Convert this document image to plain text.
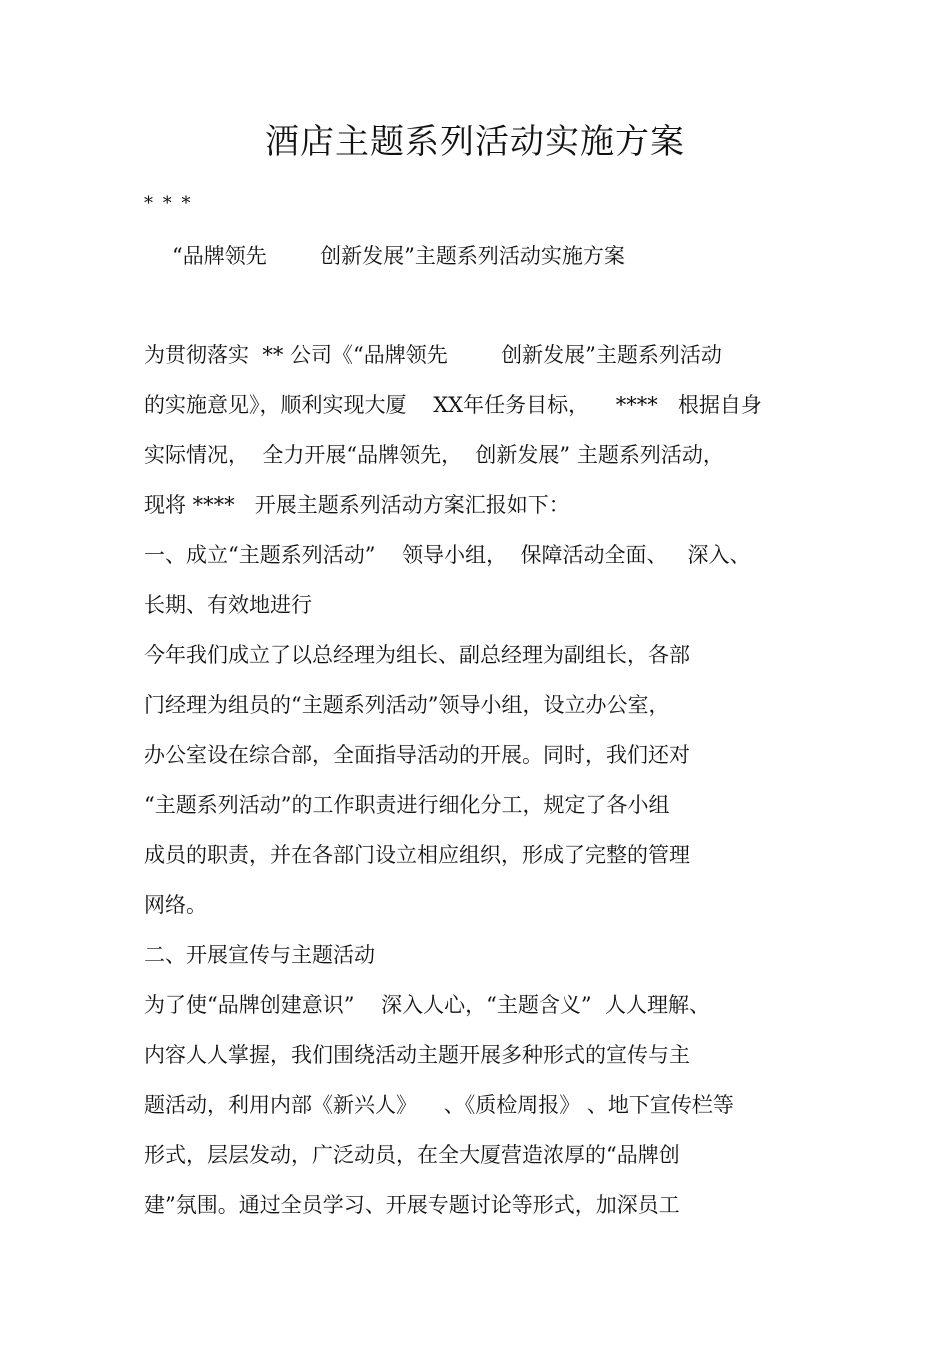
酒店主题系列活动实施方案
* * *
“品牌领先        创新发展”主题系列活动实施方案
为贯彻落实  ** 公司《“品牌领先        创新发展”主题系列活动
的实施意见》，顺利实现大厦    XX年任务目标，    ****   根据自身
实际情况，  全力开展“品牌领先，  创新发展” 主题系列活动，
现将 ****   开展主题系列活动方案汇报如下：
一、成立“主题系列活动”    领导小组，  保障活动全面、   深入、
长期、有效地进行
今年我们成立了以总经理为组长、副总经理为副组长，各部
门经理为组员的“主题系列活动”领导小组，设立办公室，
办公室设在综合部，全面指导活动的开展。同时，我们还对
“主题系列活动”的工作职责进行细化分工，规定了各小组
成员的职责，并在各部门设立相应组织，形成了完整的管理
网络。
二、开展宣传与主题活动
为了使“品牌创建意识”    深入人心，“主题含义”  人人理解、
内容人人掌握，我们围绕活动主题开展多种形式的宣传与主
题活动，利用内部《新兴人》    、《质检周报》 、地下宣传栏等
形式，层层发动，广泛动员，在全大厦营造浓厚的“品牌创
建”氛围。通过全员学习、开展专题讨论等形式，加深员工
